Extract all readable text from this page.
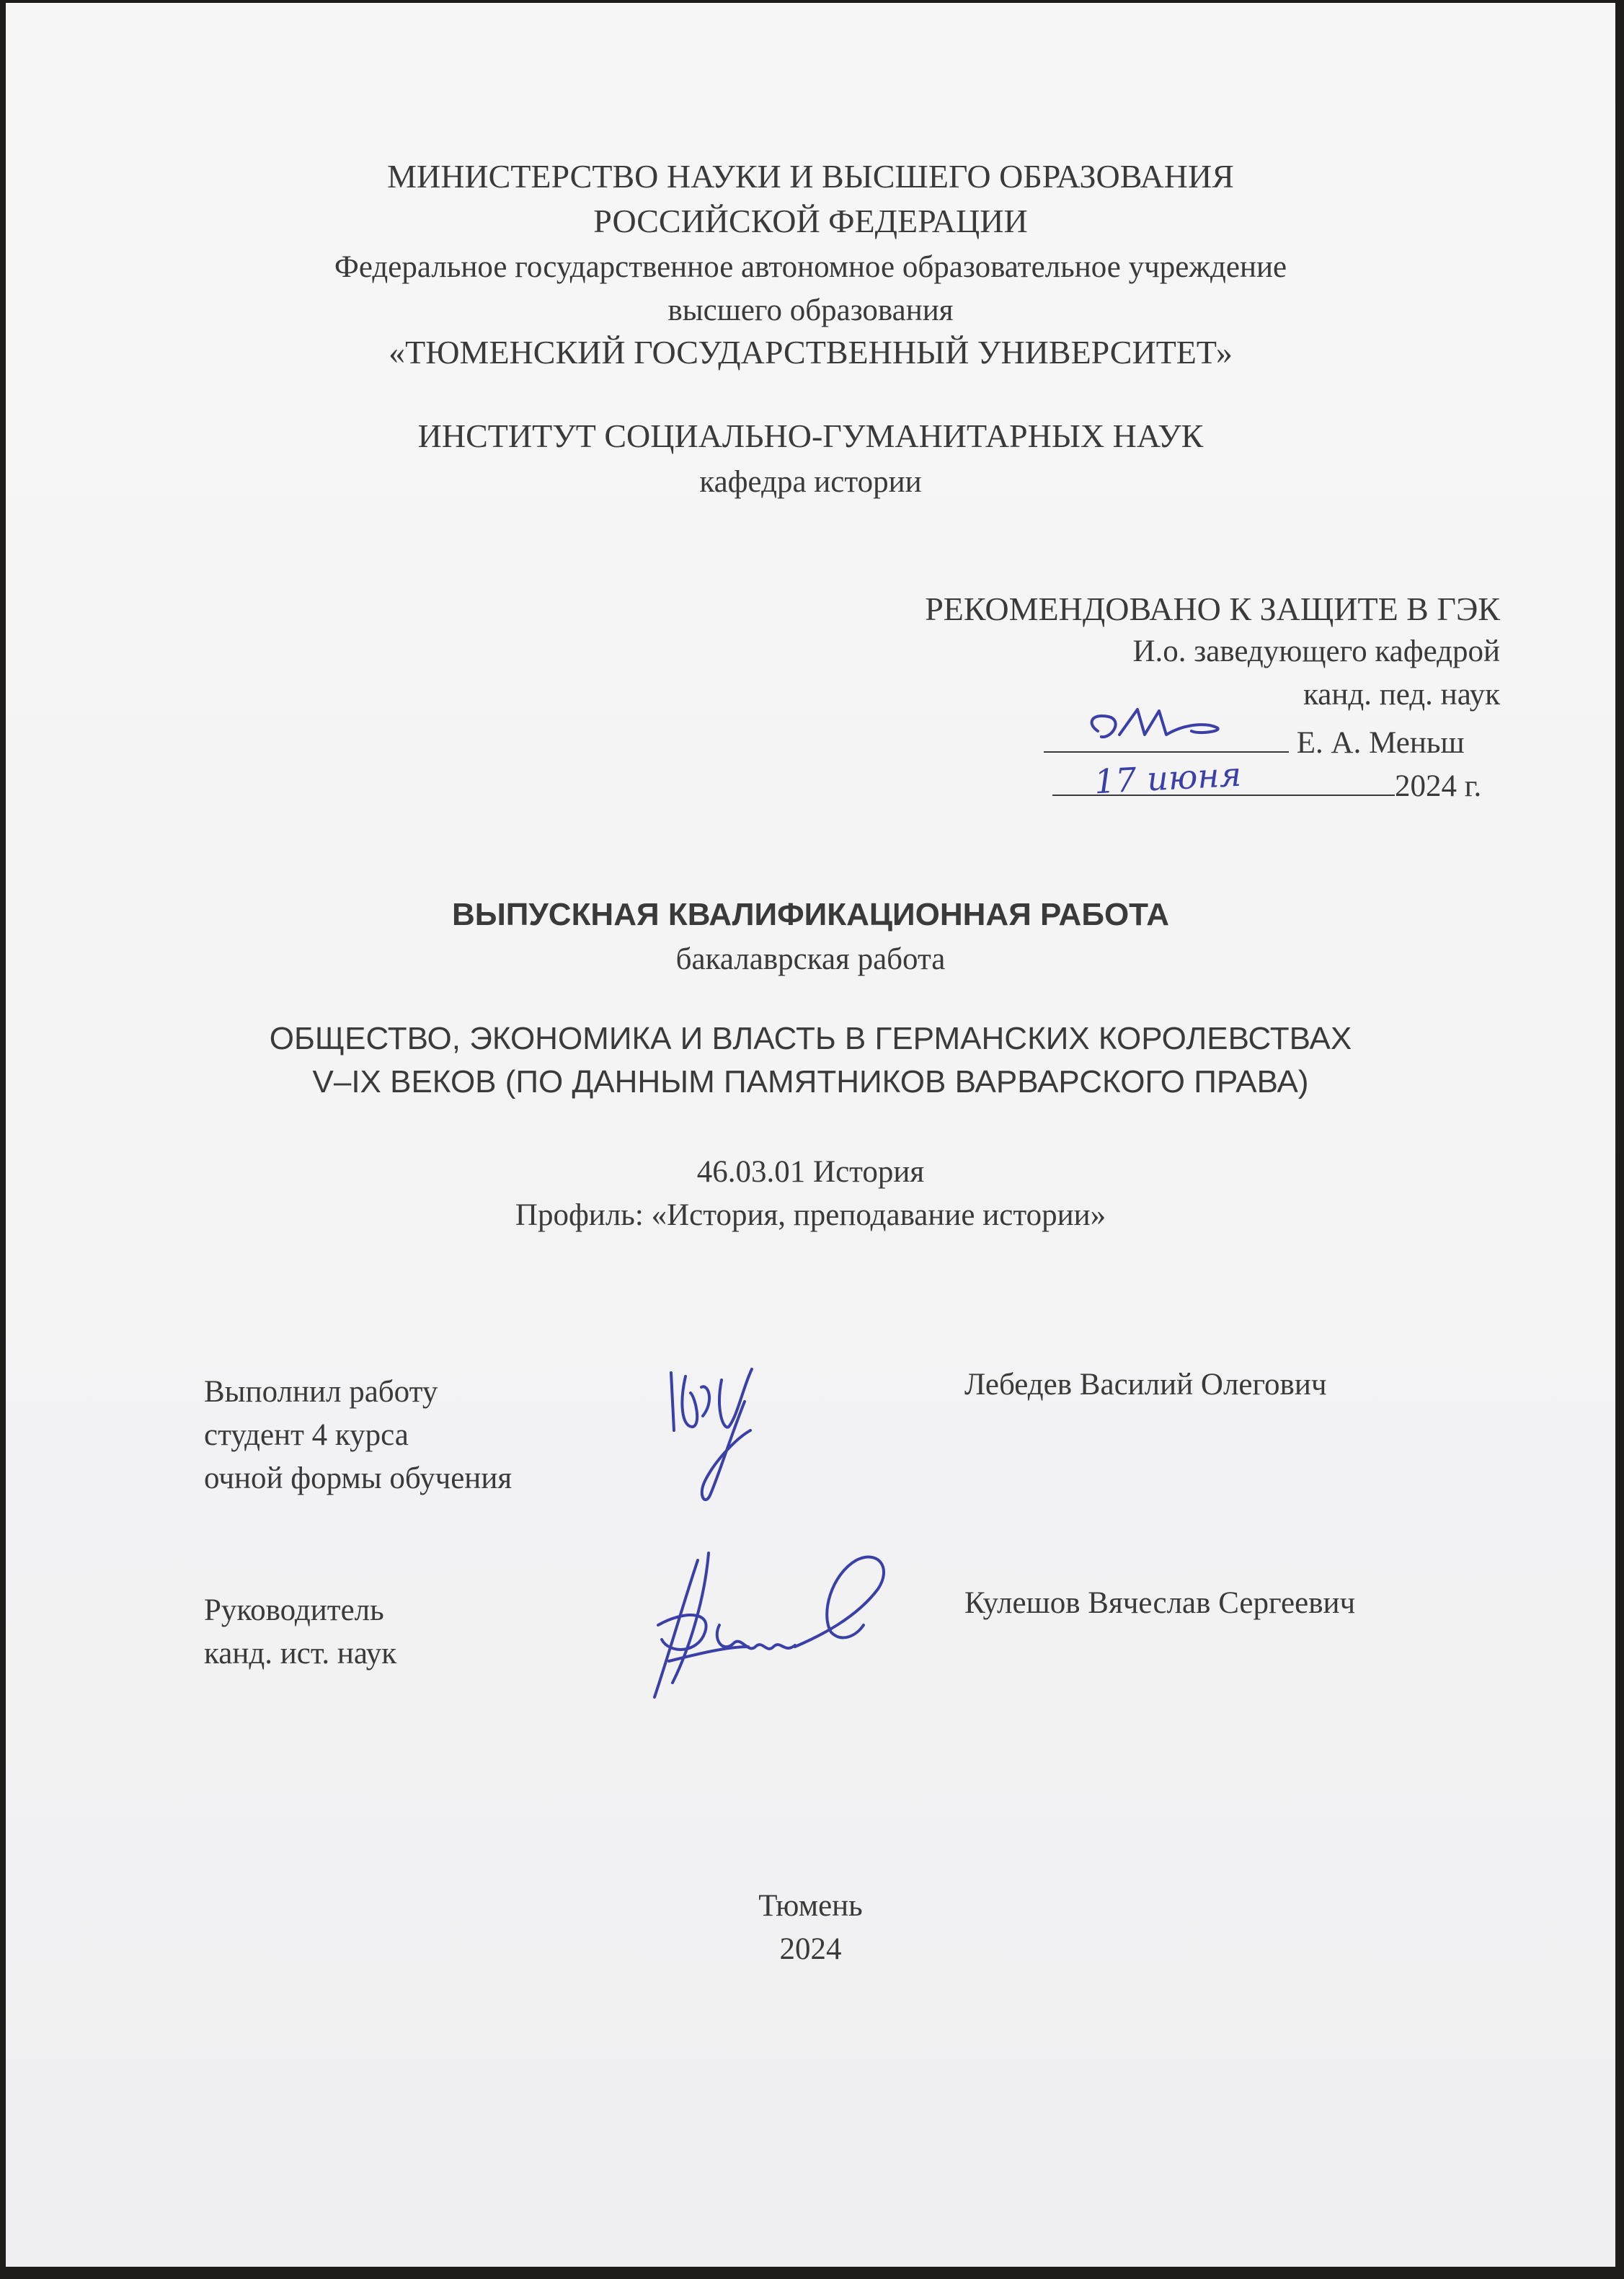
МИНИСТЕРСТВО НАУКИ И ВЫСШЕГО ОБРАЗОВАНИЯ
РОССИЙСКОЙ ФЕДЕРАЦИИ
Федеральное государственное автономное образовательное учреждение
высшего образования
«ТЮМЕНСКИЙ ГОСУДАРСТВЕННЫЙ УНИВЕРСИТЕТ»
ИНСТИТУТ СОЦИАЛЬНО-ГУМАНИТАРНЫХ НАУК
кафедра истории
РЕКОМЕНДОВАНО К ЗАЩИТЕ В ГЭК
И.о. заведующего кафедрой
канд. пед. наук
Е. А. Меньш
2024 г.
17 июня
ВЫПУСКНАЯ КВАЛИФИКАЦИОННАЯ РАБОТА
бакалаврская работа
ОБЩЕСТВО, ЭКОНОМИКА И ВЛАСТЬ В ГЕРМАНСКИХ КОРОЛЕВСТВАХ
V–IX ВЕКОВ (ПО ДАННЫМ ПАМЯТНИКОВ ВАРВАРСКОГО ПРАВА)
46.03.01 История
Профиль: «История, преподавание истории»
Выполнил работу
студент 4 курса
очной формы обучения
Лебедев Василий Олегович
Руководитель
канд. ист. наук
Кулешов Вячеслав Сергеевич
Тюмень
2024
